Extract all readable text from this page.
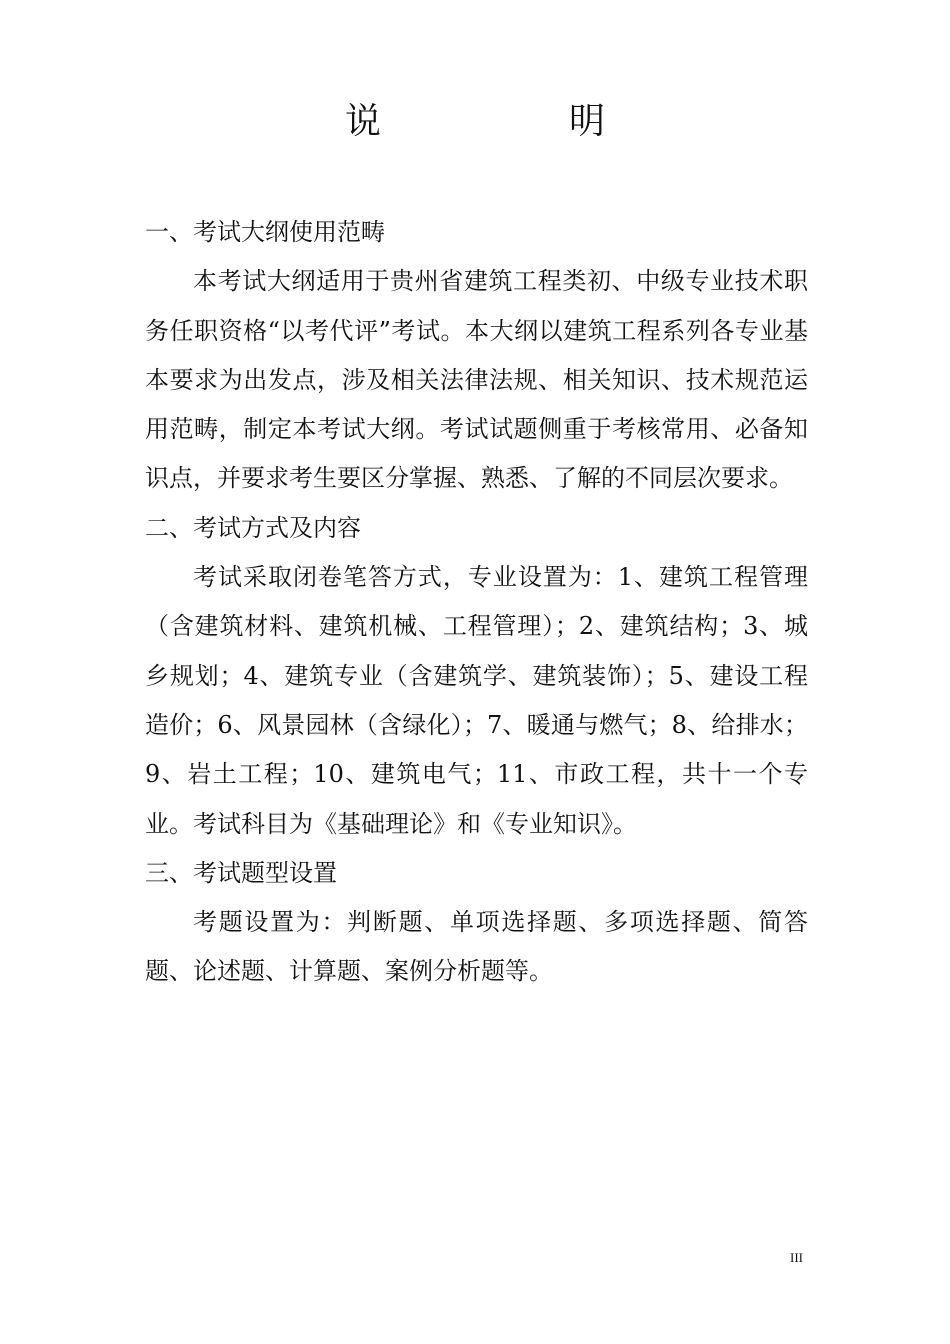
说　明
一、考试大纲使用范畴

本考试大纲适用于贵州省建筑工程类初、中级专业技术职务任职资格“以考代评”考试。本大纲以建筑工程系列各专业基本要求为出发点，涉及相关法律法规、相关知识、技术规范运用范畴，制定本考试大纲。考试试题侧重于考核常用、必备知识点，并要求考生要区分掌握、熟悉、了解的不同层次要求。

二、考试方式及内容

考试采取闭卷笔答方式，专业设置为：1、建筑工程管理（含建筑材料、建筑机械、工程管理）；2、建筑结构；3、城乡规划；4、建筑专业（含建筑学、建筑装饰）；5、建设工程造价；6、风景园林（含绿化）；7、暖通与燃气；8、给排水；9、岩土工程；10、建筑电气；11、市政工程，共十一个专业。考试科目为《基础理论》和《专业知识》。

三、考试题型设置

考题设置为：判断题、单项选择题、多项选择题、简答题、论述题、计算题、案例分析题等。

III
